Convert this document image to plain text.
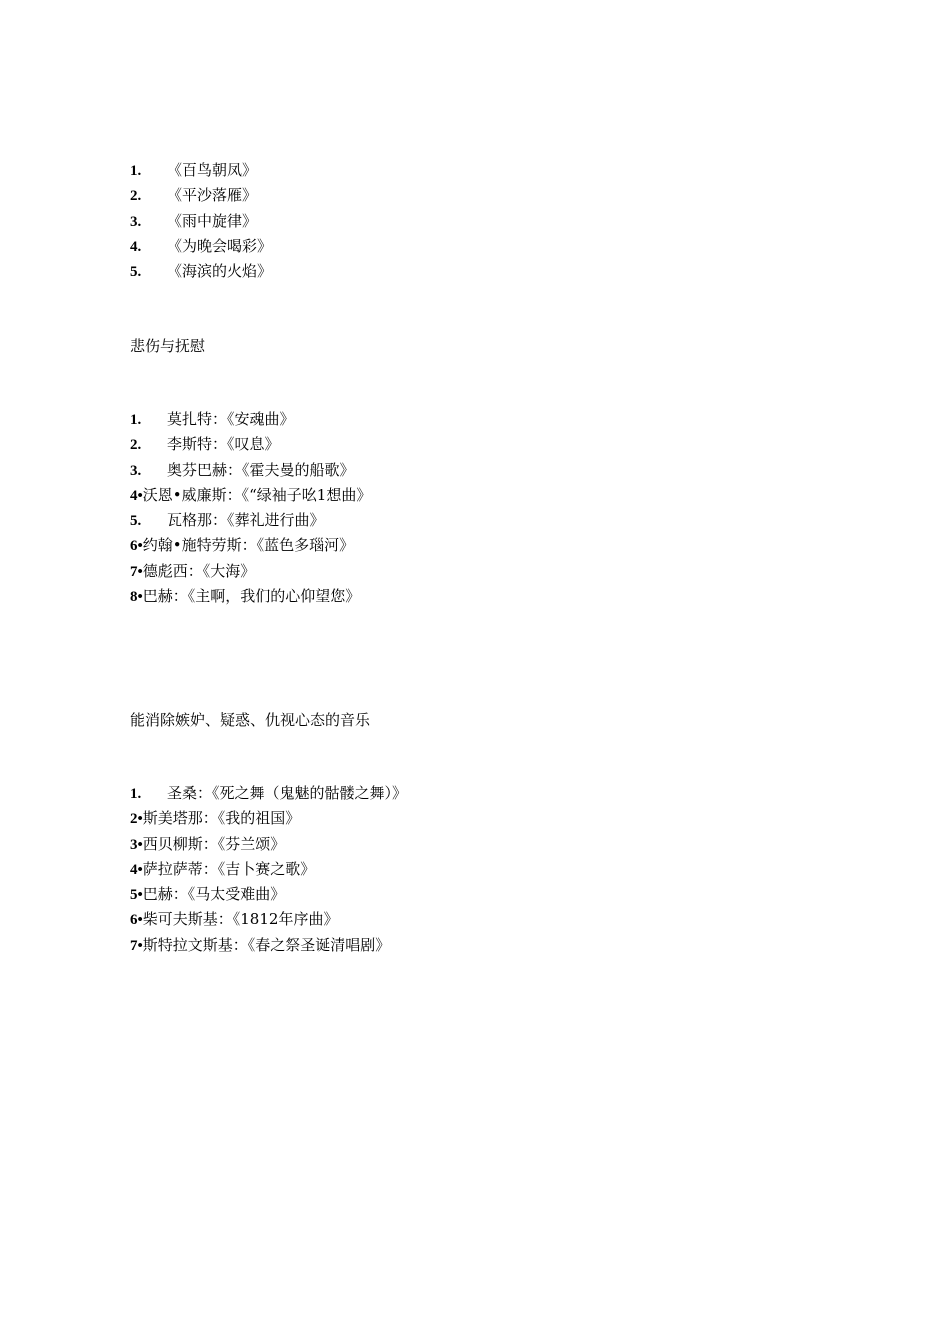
1. 《百鸟朝凤》
2. 《平沙落雁》
3. 《雨中旋律》
4. 《为晚会喝彩》
5. 《海滨的火焰》
悲伤与抚慰
1. 莫扎特：《安魂曲》
2. 李斯特：《叹息》
3. 奥芬巴赫：《霍夫曼的船歌》
4•沃恩•威廉斯：《“绿袖子吆1想曲》
5. 瓦格那：《葬礼进行曲》
6•约翰•施特劳斯：《蓝色多瑙河》
7•德彪西：《大海》
8•巴赫：《主啊，我们的心仰望您》
能消除嫉妒、疑惑、仇视心态的音乐
1. 圣桑：《死之舞（鬼魅的骷髅之舞）》
2•斯美塔那：《我的祖国》
3•西贝柳斯：《芬兰颂》
4•萨拉萨蒂：《吉卜赛之歌》
5•巴赫：《马太受难曲》
6•柴可夫斯基：《1812年序曲》
7•斯特拉文斯基：《春之祭圣诞清唱剧》
